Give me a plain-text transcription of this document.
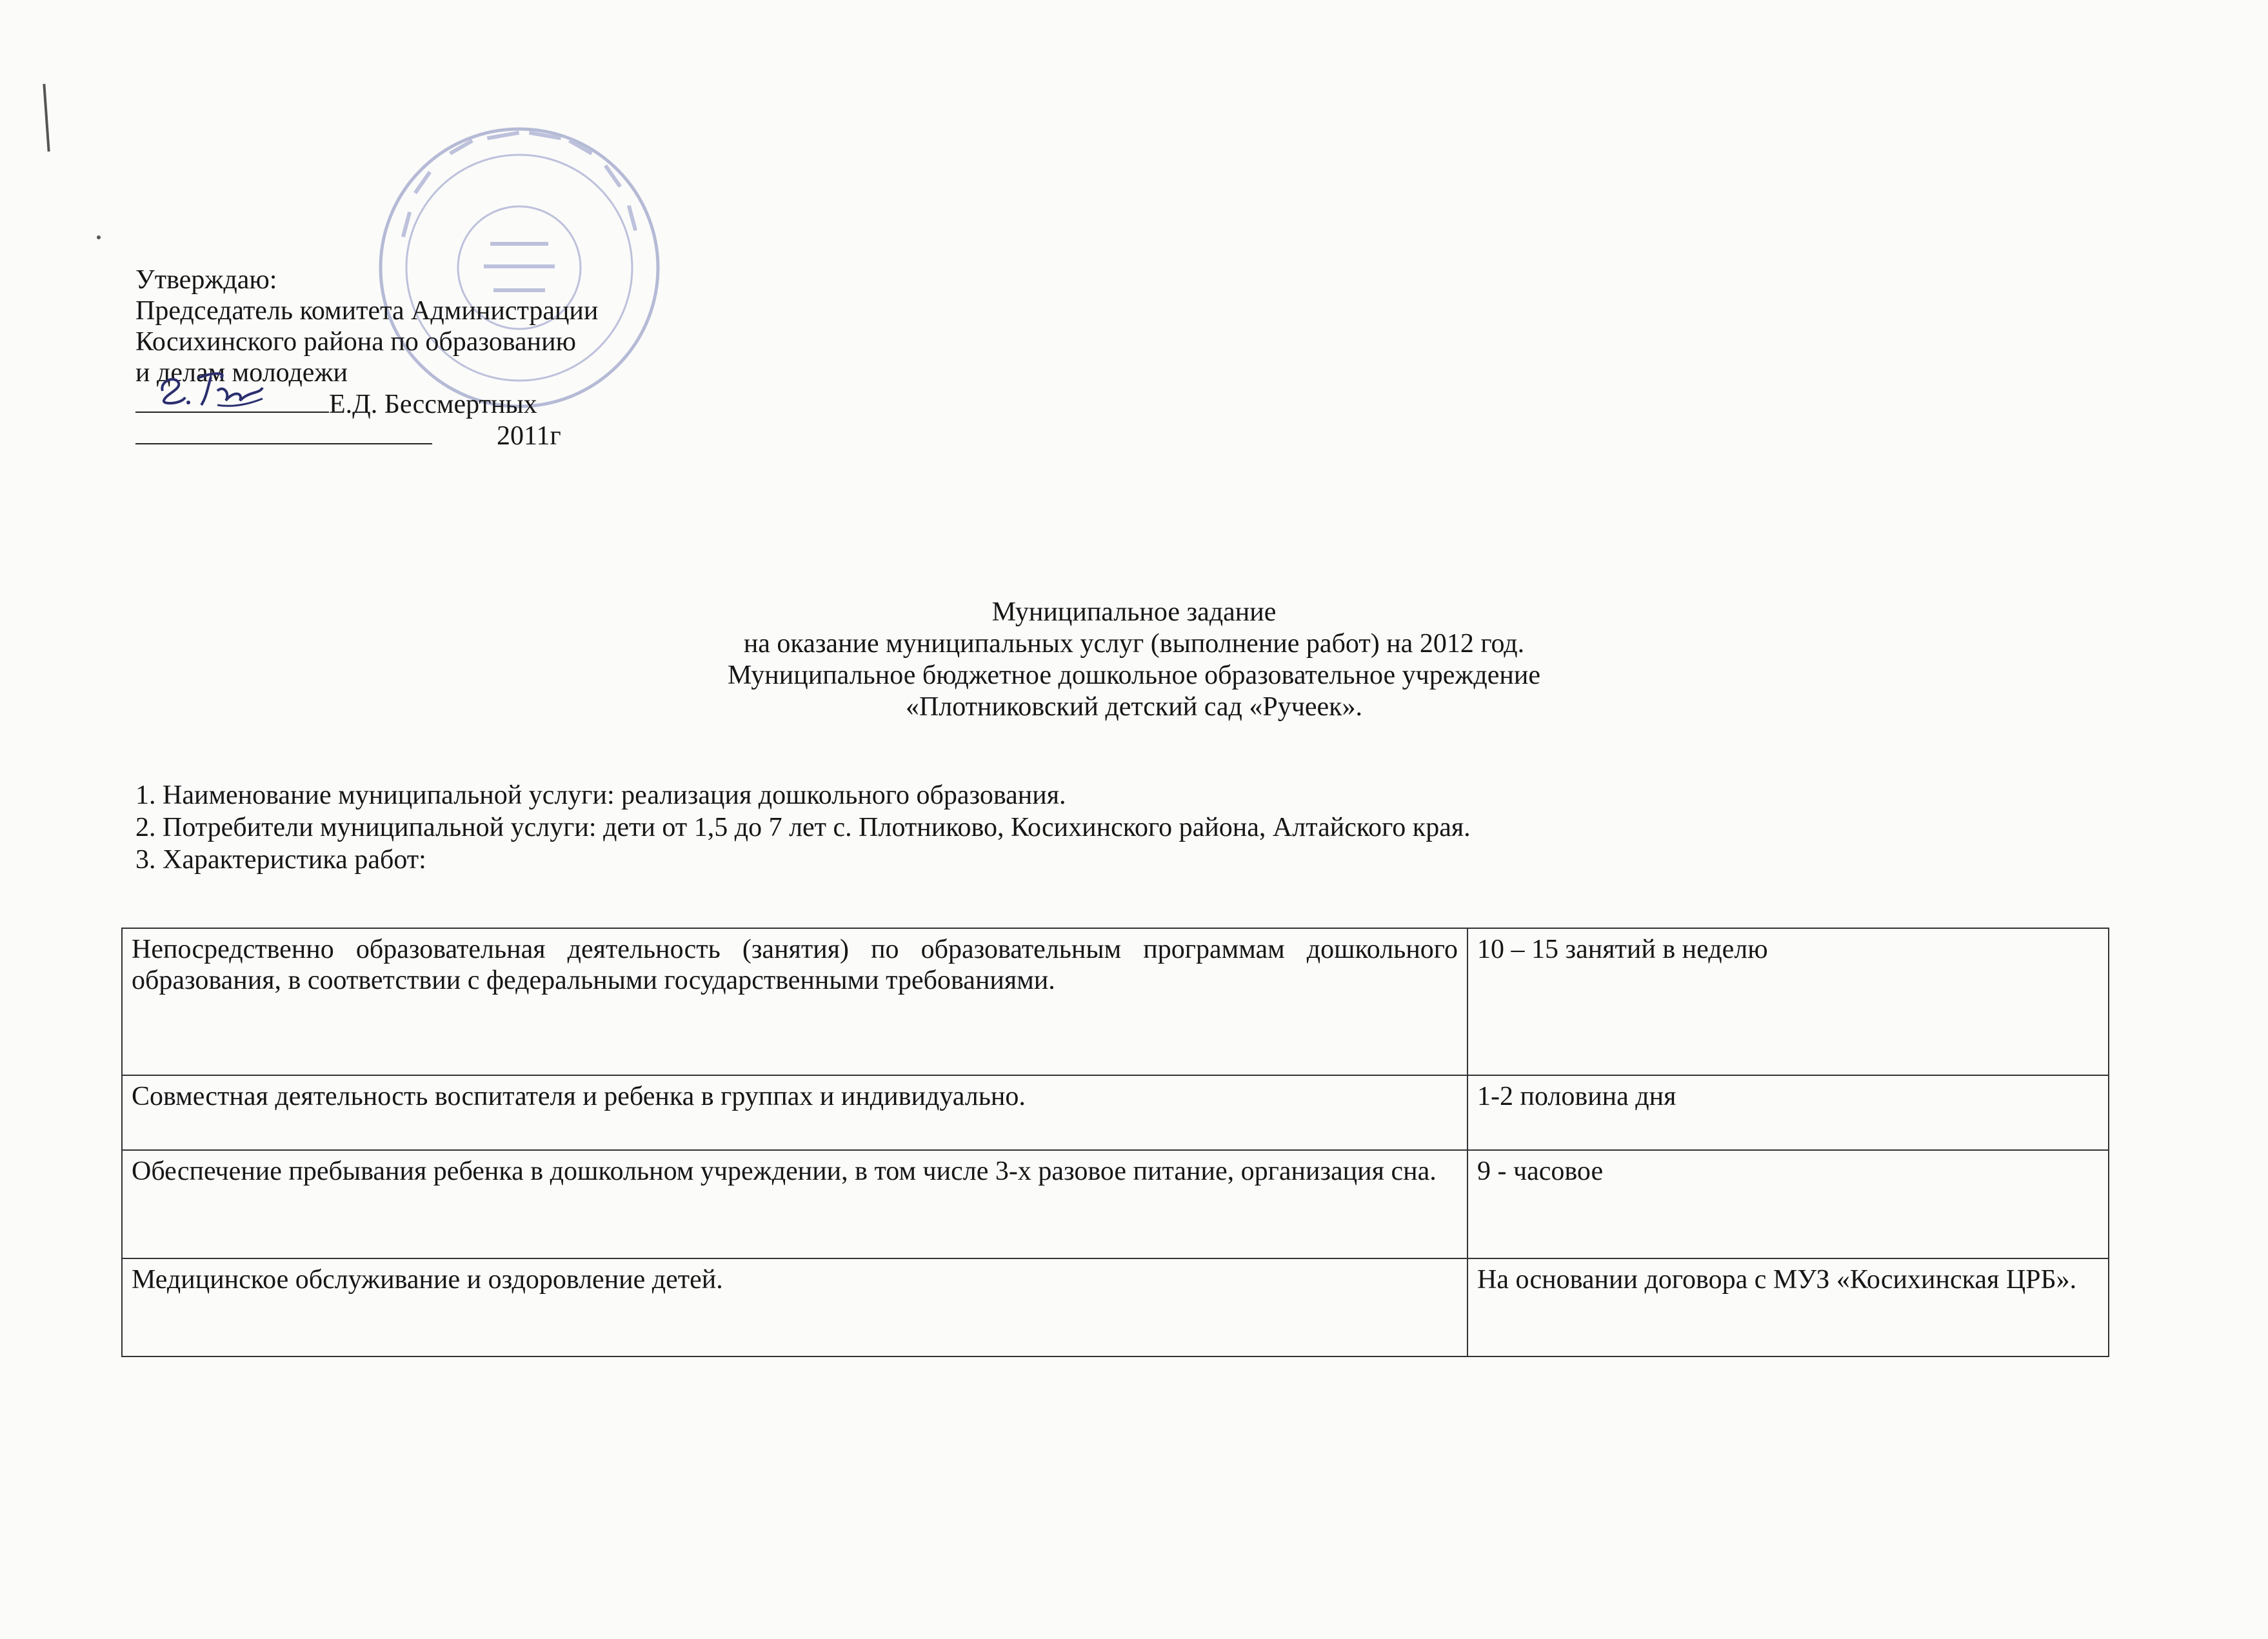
Утверждаю:
Председатель комитета Администрации
Косихинского района по образованию
и делам молодежи
Е.Д. Бессмертных
2011г
Муниципальное задание
на оказание муниципальных услуг (выполнение работ) на 2012 год.
Муниципальное бюджетное дошкольное образовательное учреждение
«Плотниковский детский сад «Ручеек».
1. Наименование муниципальной услуги: реализация дошкольного образования.
2. Потребители муниципальной услуги: дети от 1,5 до 7 лет с. Плотниково, Косихинского района, Алтайского края.
3. Характеристика работ:
Непосредственно образовательная деятельность (занятия) по образовательным программам дошкольного образования, в соответствии с федеральными государственными требованиями.	10 – 15 занятий в неделю
Совместная деятельность воспитателя и ребенка в группах и индивидуально.	1-2 половина дня
Обеспечение пребывания ребенка в дошкольном учреждении, в том числе 3-х разовое питание, организация сна.	9 - часовое
Медицинское обслуживание и оздоровление детей.	На основании договора с МУЗ «Косихинская ЦРБ».
